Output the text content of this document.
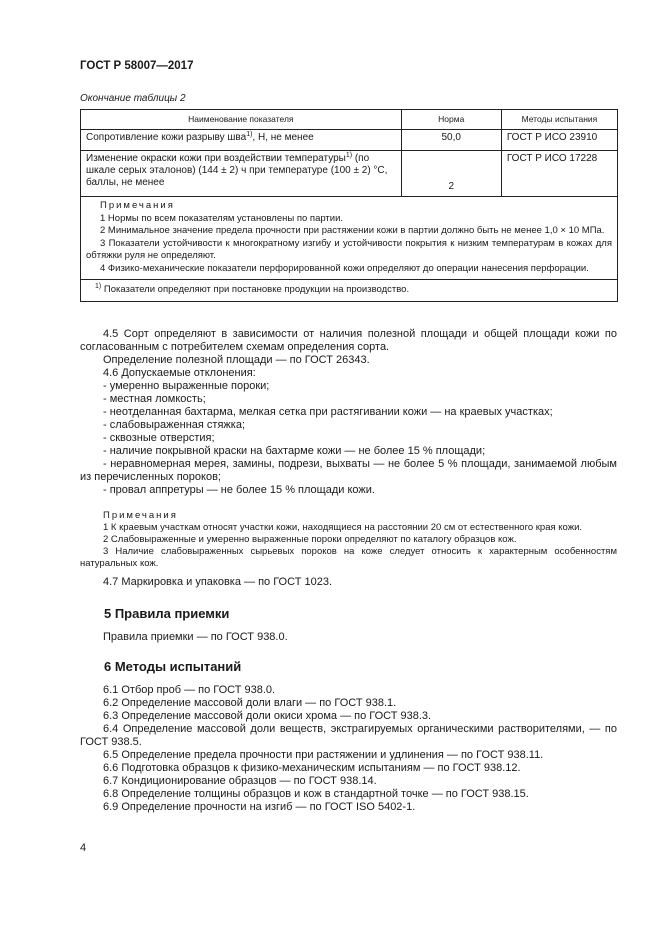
ГОСТ Р 58007—2017
Окончание таблицы 2
Наименование показателя	Норма	Методы испытания
Сопротивление кожи разрыву шва$^{1)}$, Н, не менее	50,0	ГОСТ Р ИСО 23910
Изменение окраски кожи при воздействии температуры$^{1)}$ (по шкале серых эталонов) (144 ± 2) ч при температуре (100 ± 2) °С, баллы, не менее	2	ГОСТ Р ИСО 17228

Примечания

1 Нормы по всем показателям установлены по партии.

2 Минимальное значение предела прочности при растяжении кожи в партии должно быть не менее 1,0 × 10 МПа.

3 Показатели устойчивости к многократному изгибу и устойчивости покрытия к низким температурам в кожах для обтяжки руля не определяют.

4 Физико-механические показатели перфорированной кожи определяют до операции нанесения перфорации.		

$^{1)}$ Показатели определяют при постановке продукции на производство.		

4.5 Сорт определяют в зависимости от наличия полезной площади и общей площади кожи по согласованным с потребителем схемам определения сорта.

Определение полезной площади — по ГОСТ 26343.

4.6 Допускаемые отклонения:

- умеренно выраженные пороки;

- местная ломкость;

- неотделанная бахтарма, мелкая сетка при растягивании кожи — на краевых участках;

- слабовыраженная стяжка;

- сквозные отверстия;

- наличие покрывной краски на бахтарме кожи — не более 15 % площади;

- неравномерная мерея, замины, подрези, выхваты — не более 5 % площади, занимаемой любым из перечисленных пороков;

- провал аппретуры — не более 15 % площади кожи.

Примечания

1 К краевым участкам относят участки кожи, находящиеся на расстоянии 20 см от естественного края кожи.

2 Слабовыраженные и умеренно выраженные пороки определяют по каталогу образцов кож.

3 Наличие слабовыраженных сырьевых пороков на коже следует относить к характерным особенностям натуральных кож.

4.7 Маркировка и упаковка — по ГОСТ 1023.

5 Правила приемки

Правила приемки — по ГОСТ 938.0.

6 Методы испытаний

6.1 Отбор проб — по ГОСТ 938.0.

6.2 Определение массовой доли влаги — по ГОСТ 938.1.

6.3 Определение массовой доли окиси хрома — по ГОСТ 938.3.

6.4 Определение массовой доли веществ, экстрагируемых органическими растворителями, — по ГОСТ 938.5.

6.5 Определение предела прочности при растяжении и удлинения — по ГОСТ 938.11.

6.6 Подготовка образцов к физико-механическим испытаниям — по ГОСТ 938.12.

6.7 Кондиционирование образцов — по ГОСТ 938.14.

6.8 Определение толщины образцов и кож в стандартной точке — по ГОСТ 938.15.

6.9 Определение прочности на изгиб — по ГОСТ ISO 5402-1.

4
